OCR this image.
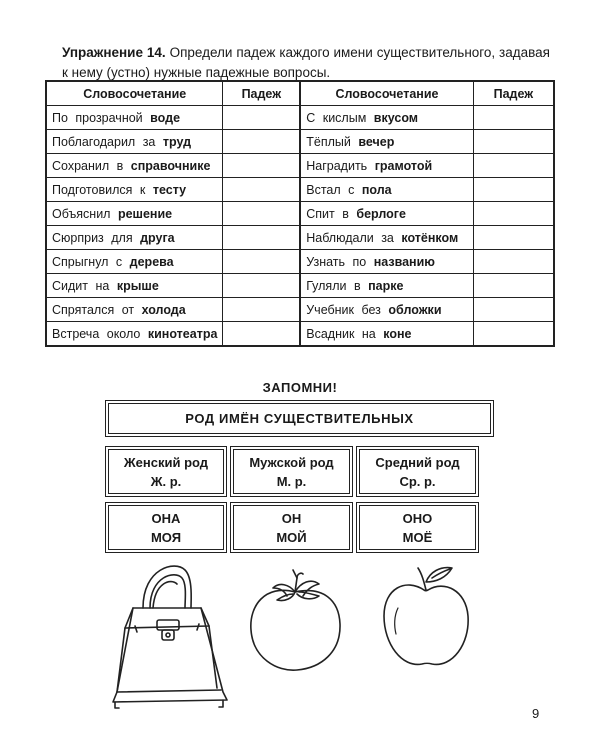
Упражнение 14. Определи падеж каждого имени существительного, задавая к нему (устно) нужные падежные вопросы.
Словосочетание	Падеж	Словосочетание	Падеж
По прозрачной воде		С кислым вкусом	
Поблагодарил за труд		Тёплый вечер	
Сохранил в справочнике		Наградить грамотой	
Подготовился к тесту		Встал с пола	
Объяснил решение		Спит в берлоге	
Сюрприз для друга		Наблюдали за котёнком	
Спрыгнул с дерева		Узнать по названию	
Сидит на крыше		Гуляли в парке	
Спрятался от холода		Учебник без обложки	
Встреча около кинотеатра		Всадник на коне	
ЗАПОМНИ!
РОД ИМЁН СУЩЕСТВИТЕЛЬНЫХ
Женский род
Ж. р.
Мужской род
М. р.
Средний род
Ср. р.
ОНА
МОЯ
ОН
МОЙ
ОНО
МОЁ
9
